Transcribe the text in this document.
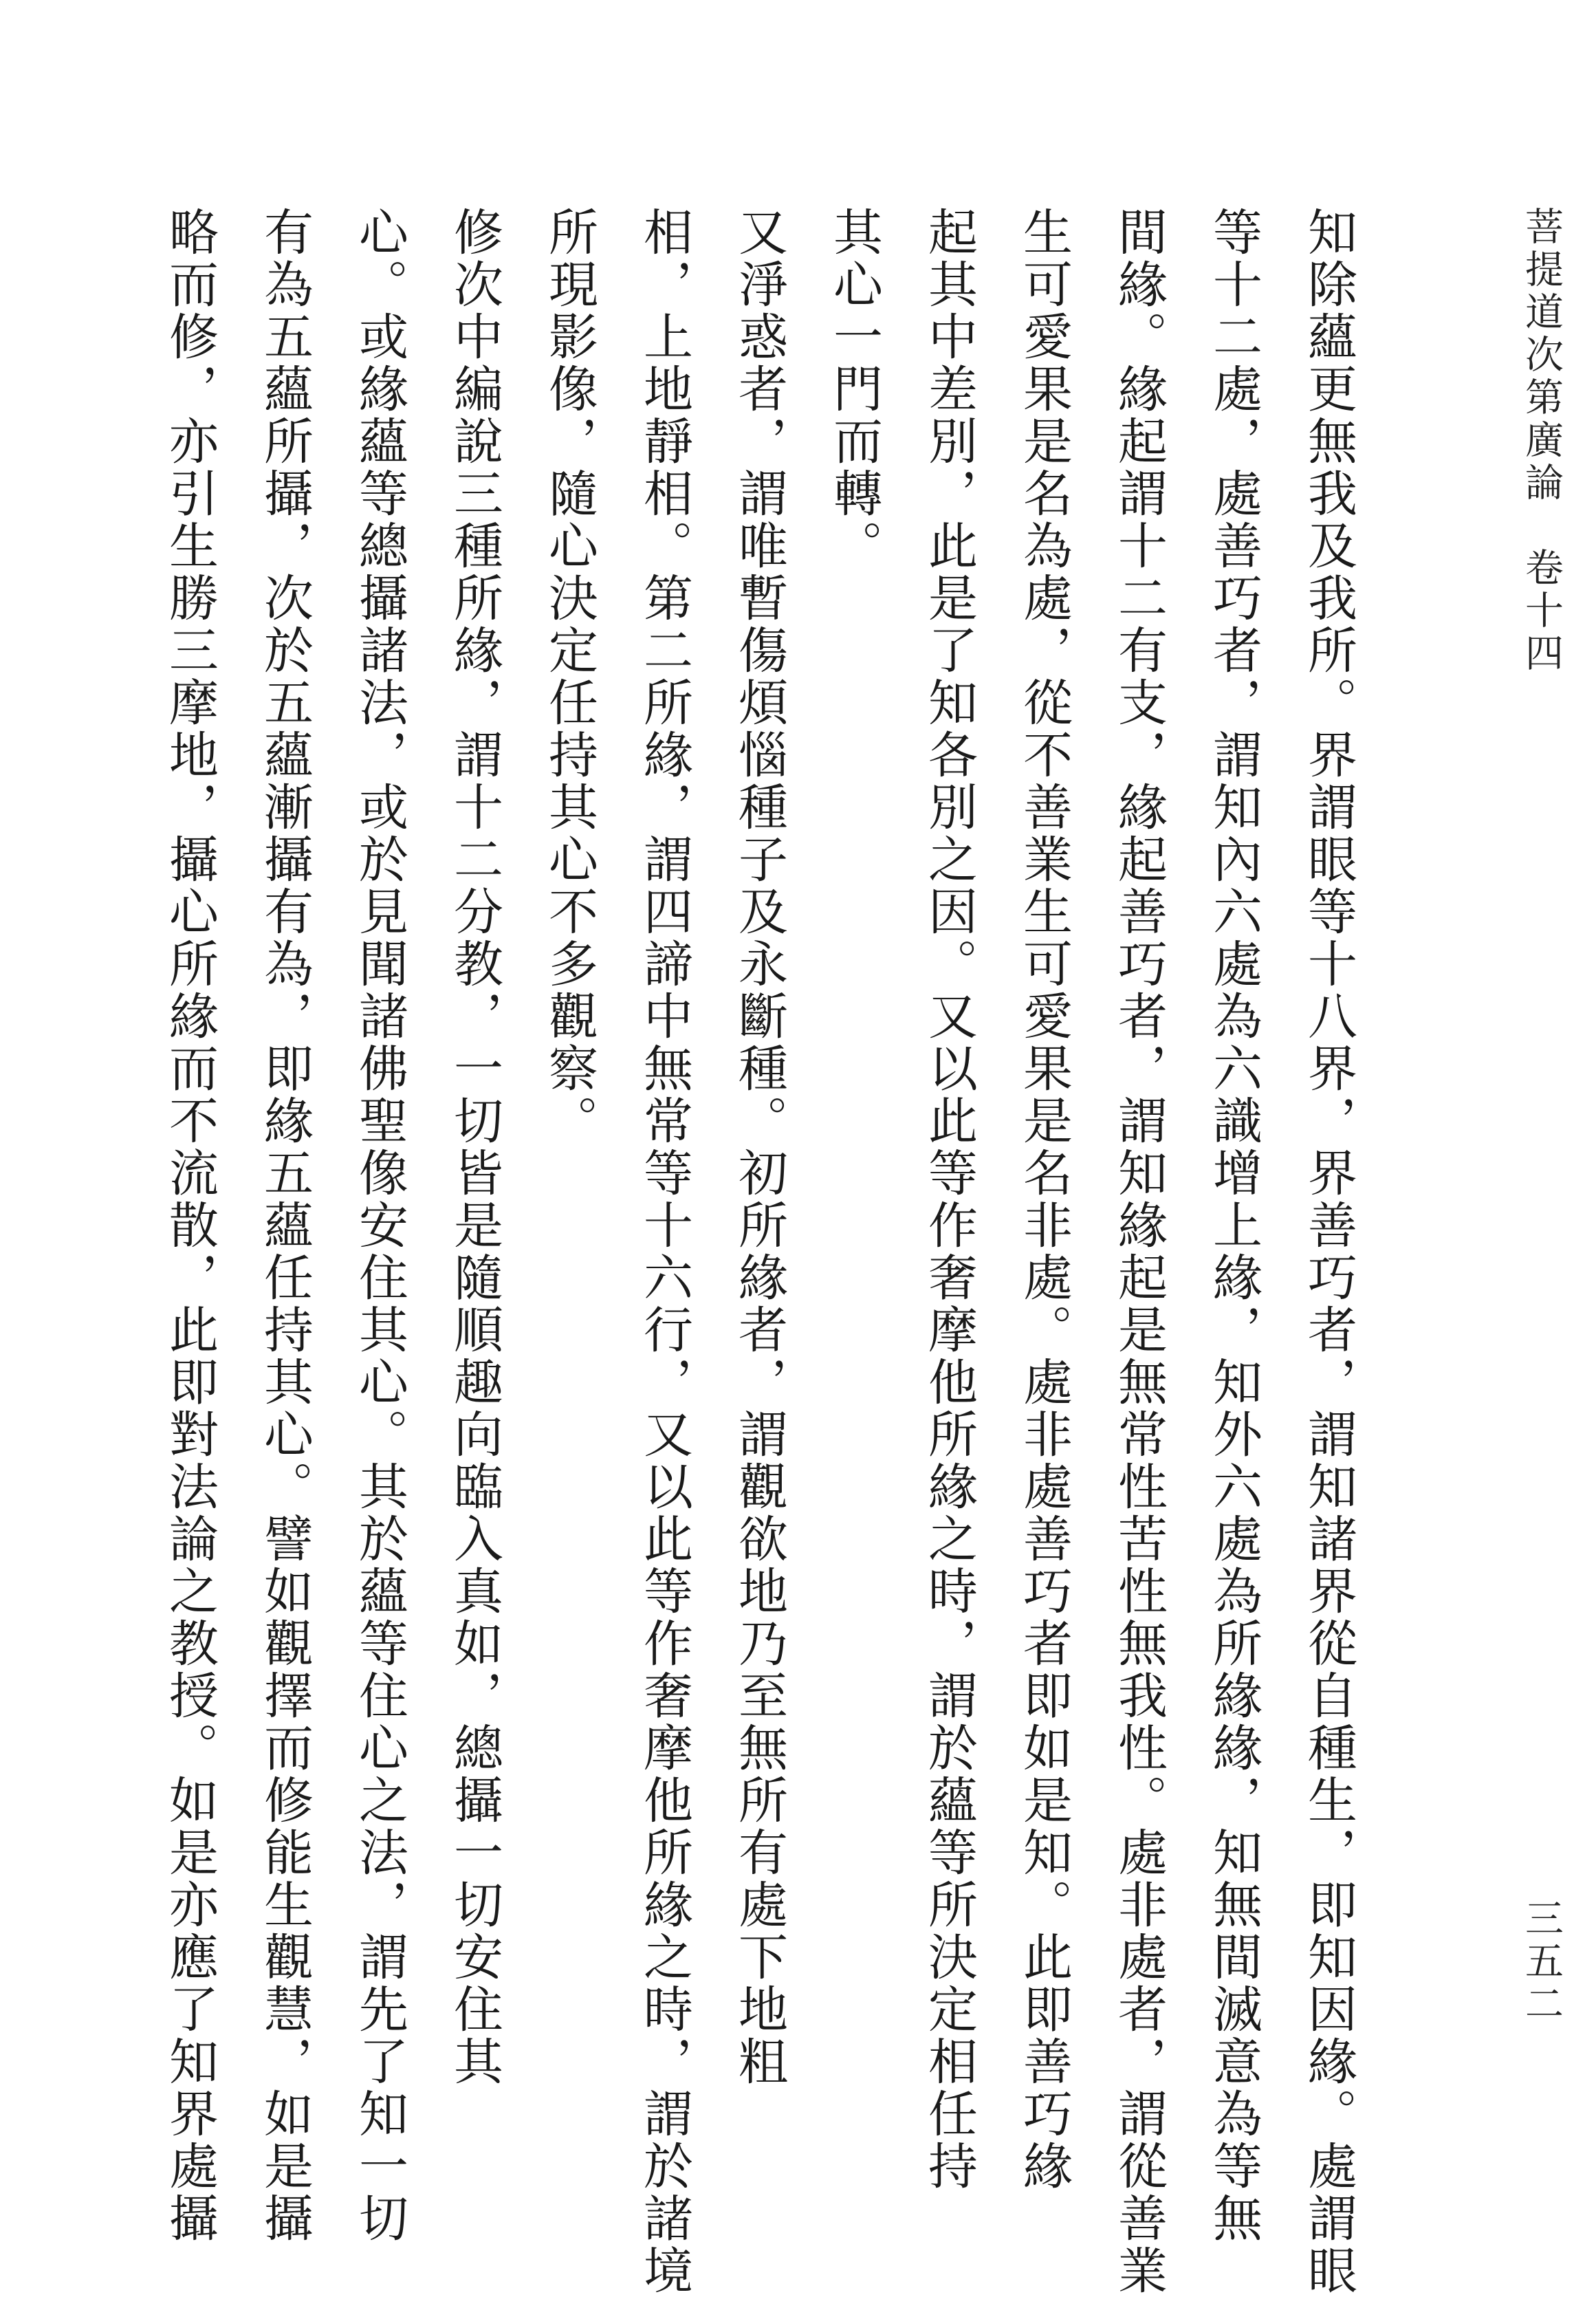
菩提道次第廣論　卷十四
三五二
知除蘊更無我及我所。界謂眼等十八界，界善巧者，謂知諸界從自種生，即知因緣。處謂眼
等十二處，處善巧者，謂知內六處為六識增上緣，知外六處為所緣緣，知無間滅意為等無
間緣。緣起謂十二有支，緣起善巧者，謂知緣起是無常性苦性無我性。處非處者，謂從善業
生可愛果是名為處，從不善業生可愛果是名非處。處非處善巧者即如是知。此即善巧緣
起其中差別，此是了知各別之因。又以此等作奢摩他所緣之時，謂於蘊等所決定相任持
其心一門而轉。
又淨惑者，謂唯暫傷煩惱種子及永斷種。初所緣者，謂觀欲地乃至無所有處下地粗
相，上地靜相。第二所緣，謂四諦中無常等十六行，又以此等作奢摩他所緣之時，謂於諸境
所現影像，隨心決定任持其心不多觀察。
修次中編說三種所緣，謂十二分教，一切皆是隨順趣向臨入真如，總攝一切安住其
心。或緣蘊等總攝諸法，或於見聞諸佛聖像安住其心。其於蘊等住心之法，謂先了知一切
有為五蘊所攝，次於五蘊漸攝有為，即緣五蘊任持其心。譬如觀擇而修能生觀慧，如是攝
略而修，亦引生勝三摩地，攝心所緣而不流散，此即對法論之教授。如是亦應了知界處攝
